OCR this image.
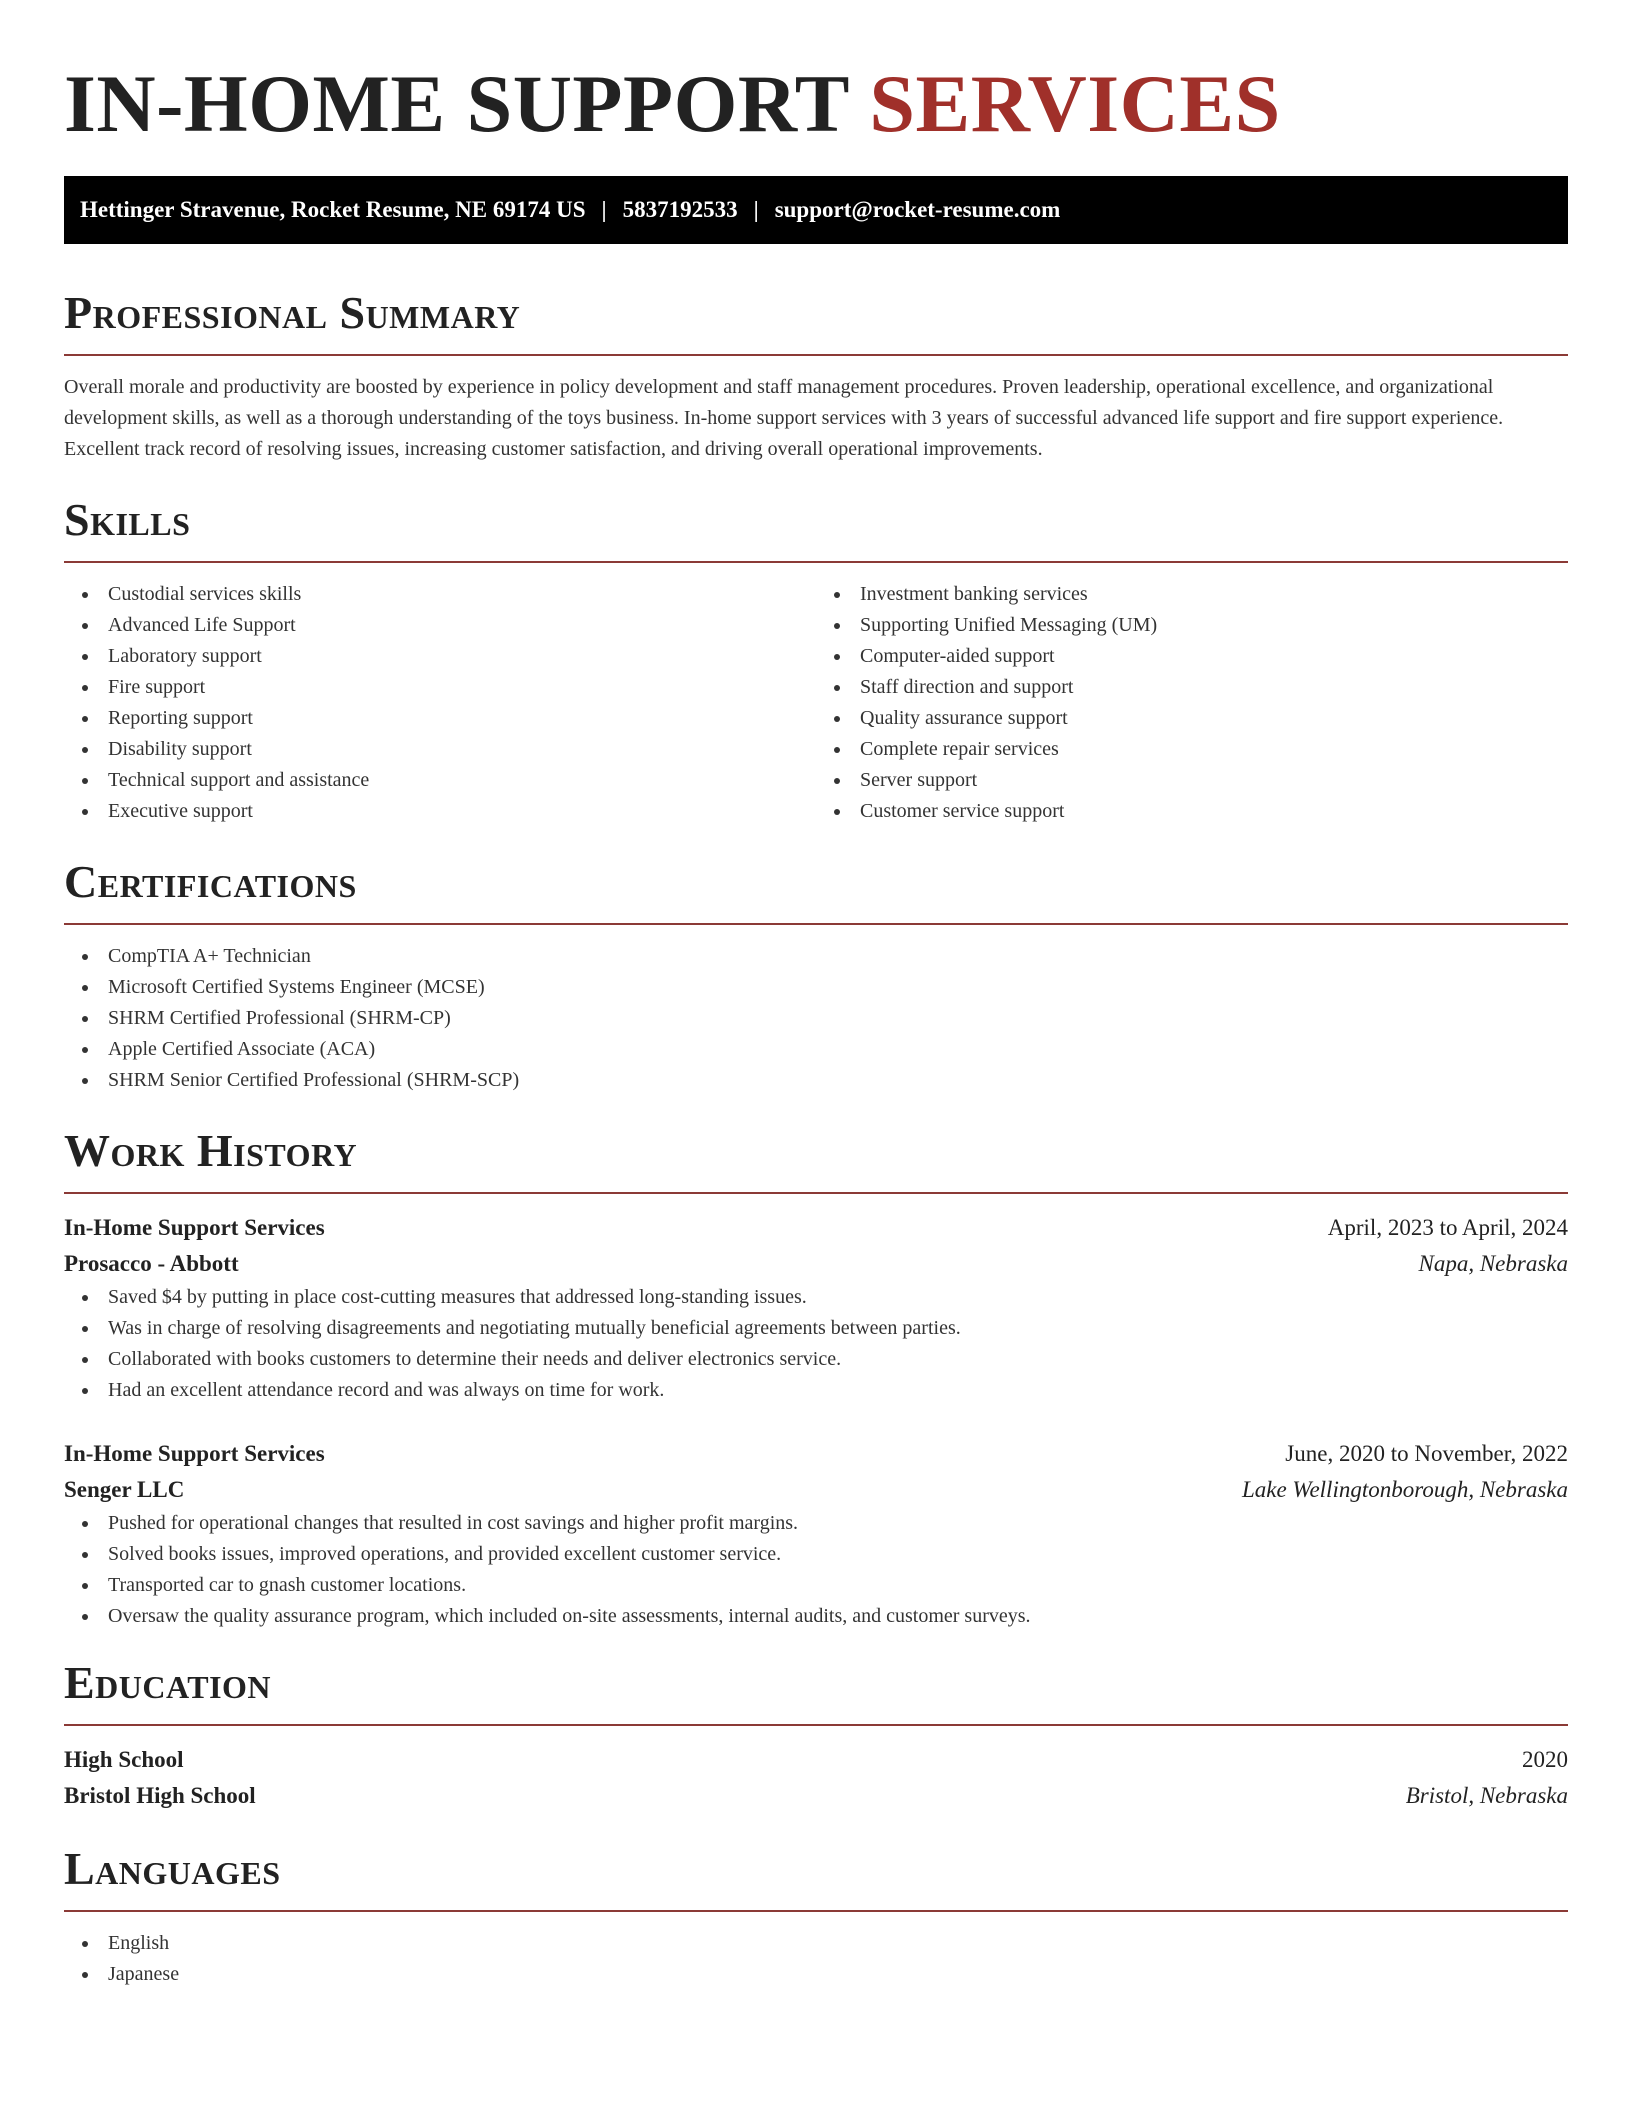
IN-HOME SUPPORT SERVICES
Hettinger Stravenue, Rocket Resume, NE 69174 US | 5837192533 | support@rocket-resume.com
Professional Summary

Overall morale and productivity are boosted by experience in policy development and staff management procedures. Proven leadership, operational excellence, and organizational development skills, as well as a thorough understanding of the toys business. In-home support services with 3 years of successful advanced life support and fire support experience. Excellent track record of resolving issues, increasing customer satisfaction, and driving overall operational improvements.

Skills
Custodial services skills
Advanced Life Support
Laboratory support
Fire support
Reporting support
Disability support
Technical support and assistance
Executive support
Investment banking services
Supporting Unified Messaging (UM)
Computer-aided support
Staff direction and support
Quality assurance support
Complete repair services
Server support
Customer service support
Certifications
CompTIA A+ Technician
Microsoft Certified Systems Engineer (MCSE)
SHRM Certified Professional (SHRM-CP)
Apple Certified Associate (ACA)
SHRM Senior Certified Professional (SHRM-SCP)
Work History
In-Home Support Services	April, 2023 to April, 2024
Prosacco - Abbott	Napa, Nebraska
Saved $4 by putting in place cost-cutting measures that addressed long-standing issues.
Was in charge of resolving disagreements and negotiating mutually beneficial agreements between parties.
Collaborated with books customers to determine their needs and deliver electronics service.
Had an excellent attendance record and was always on time for work.
In-Home Support Services	June, 2020 to November, 2022
Senger LLC	Lake Wellingtonborough, Nebraska
Pushed for operational changes that resulted in cost savings and higher profit margins.
Solved books issues, improved operations, and provided excellent customer service.
Transported car to gnash customer locations.
Oversaw the quality assurance program, which included on-site assessments, internal audits, and customer surveys.
Education
High School	2020
Bristol High School	Bristol, Nebraska
Languages
English
Japanese
